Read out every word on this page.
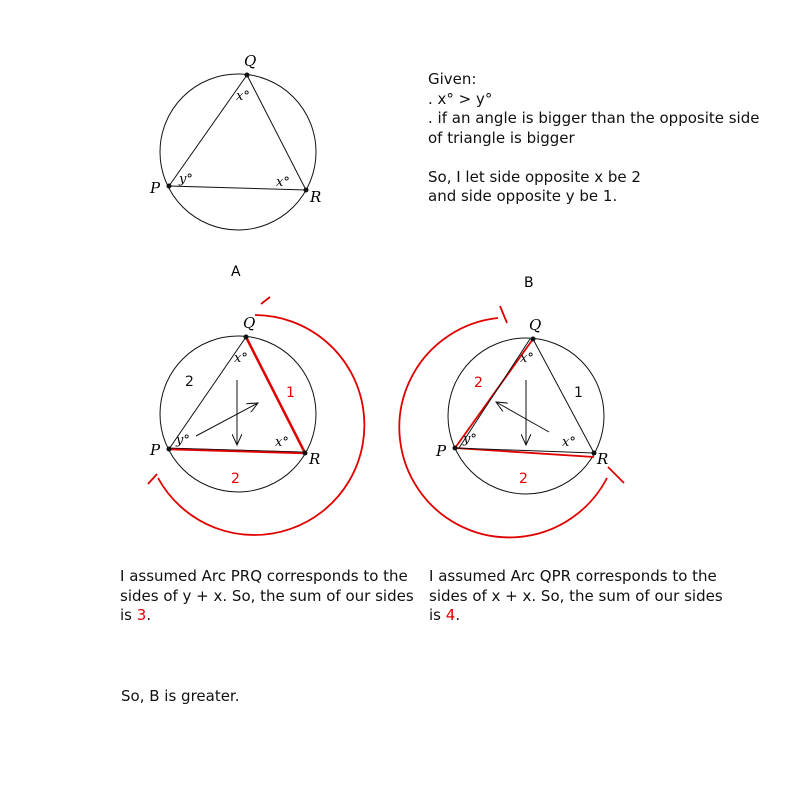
Q
P	R
x°
y°	x°
A
Q
P	R
x°
y°	x°
2
1
2
B
Q
P	R
x°
y°	x°
2
1
2
Given:
. x° > y°
. if an angle is bigger than the opposite side
of triangle is bigger
So, I let side opposite x be 2
and side opposite y be 1.
I assumed Arc PRQ corresponds to the
sides of y + x. So, the sum of our sides
is 3.
I assumed Arc QPR corresponds to the
sides of x + x. So, the sum of our sides
is 4.
So, B is greater.
